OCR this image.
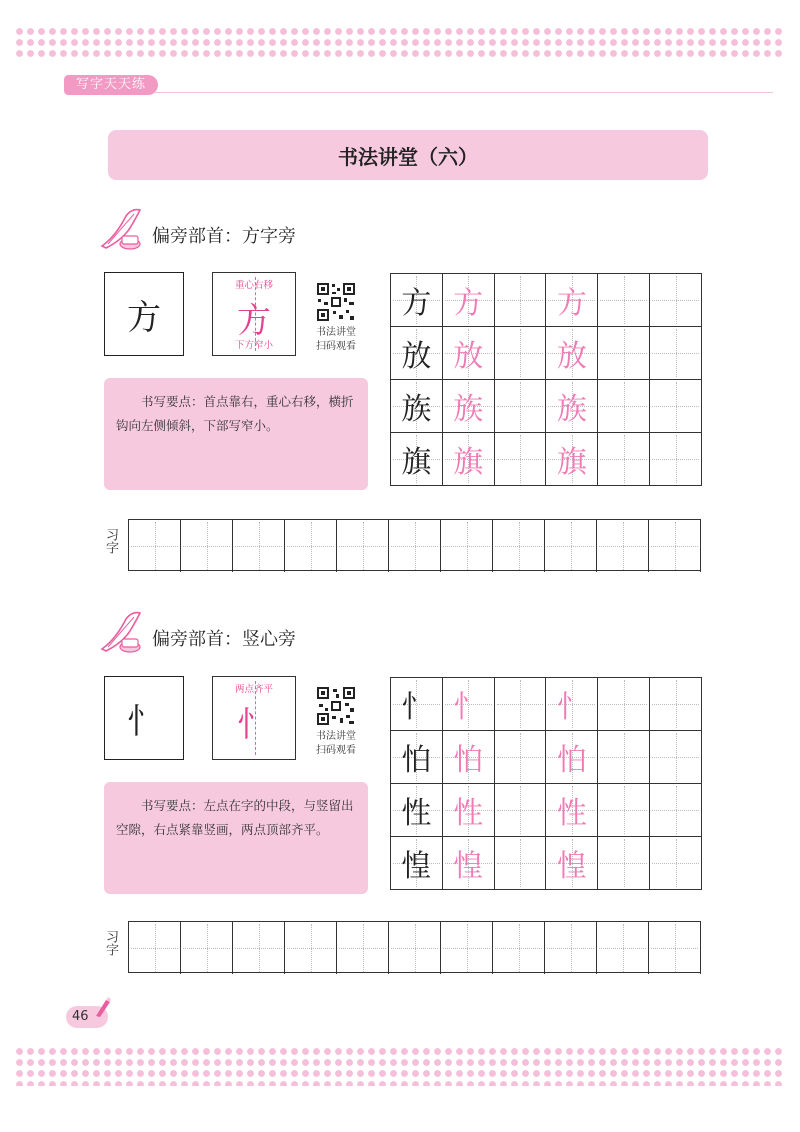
写字天天练
书法讲堂（六）
偏旁部首：方字旁
方
重心右移
方
下方窄小
书法讲堂
扫码观看
书写要点：首点靠右，重心右移，横折钩向左侧倾斜，下部写窄小。
方 方 方
放 放 放
族 族 族
旗 旗 旗
习字
偏旁部首：竖心旁
忄
两点齐平
忄	书法讲堂
扫码观看
书写要点：左点在字的中段，与竖留出空隙，右点紧靠竖画，两点顶部齐平。
忄 忄 忄
怕 怕 怕
性 性 性
惶 惶 惶
习字
46
